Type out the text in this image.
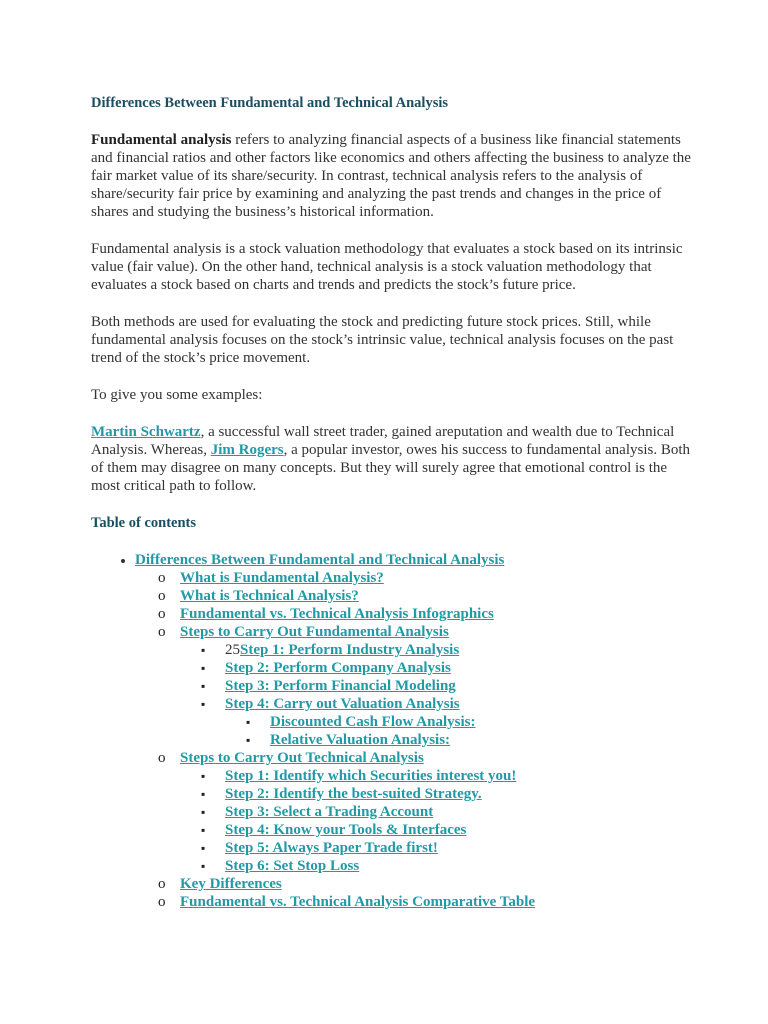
Differences Between Fundamental and Technical Analysis

Fundamental analysis refers to analyzing financial aspects of a business like financial statements and financial ratios and other factors like economics and others affecting the business to analyze the fair market value of its share/security. In contrast, technical analysis refers to the analysis of share/security fair price by examining and analyzing the past trends and changes in the price of shares and studying the business’s historical information.

Fundamental analysis is a stock valuation methodology that evaluates a stock based on its intrinsic value (fair value). On the other hand, technical analysis is a stock valuation methodology that evaluates a stock based on charts and trends and predicts the stock’s future price.

Both methods are used for evaluating the stock and predicting future stock prices. Still, while fundamental analysis focuses on the stock’s intrinsic value, technical analysis focuses on the past trend of the stock’s price movement.

To give you some examples:

Martin Schwartz, a successful wall street trader, gained areputation and wealth due to Technical Analysis. Whereas, Jim Rogers, a popular investor, owes his success to fundamental analysis. Both of them may disagree on many concepts. But they will surely agree that emotional control is the most critical path to follow.

Table of contents
• Differences Between Fundamental and Technical Analysis
o What is Fundamental Analysis?
o What is Technical Analysis?
o Fundamental vs. Technical Analysis Infographics
o Steps to Carry Out Fundamental Analysis
▪ 25Step 1: Perform Industry Analysis
▪ Step 2: Perform Company Analysis
▪ Step 3: Perform Financial Modeling
▪ Step 4: Carry out Valuation Analysis
▪ Discounted Cash Flow Analysis:
▪ Relative Valuation Analysis:
o Steps to Carry Out Technical Analysis
▪ Step 1: Identify which Securities interest you!
▪ Step 2: Identify the best-suited Strategy.
▪ Step 3: Select a Trading Account
▪ Step 4: Know your Tools & Interfaces
▪ Step 5: Always Paper Trade first!
▪ Step 6: Set Stop Loss
o Key Differences
o Fundamental vs. Technical Analysis Comparative Table
